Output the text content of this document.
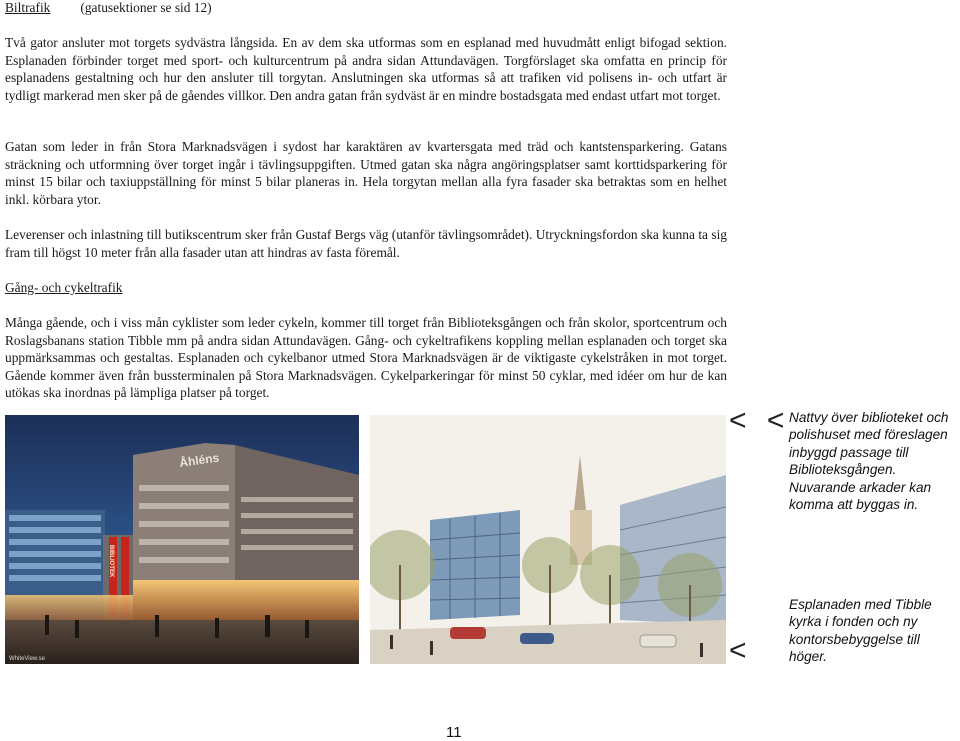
Biltrafik (gatusektioner se sid 12)
Två gator ansluter mot torgets sydvästra långsida. En av dem ska utformas som en esplanad med huvudmått enligt bifogad sektion. Esplanaden förbinder torget med sport- och kulturcentrum på andra sidan Attundavägen. Torgförslaget ska omfatta en princip för esplanadens gestaltning och hur den ansluter till torgytan. Anslutningen ska utformas så att trafiken vid polisens in- och utfart är tydligt markerad men sker på de gåendes villkor. Den andra gatan från sydväst är en mindre bostadsgata med endast utfart mot torget.
Gatan som leder in från Stora Marknadsvägen i sydost har karaktären av kvartersgata med träd och kantstensparkering. Gatans sträckning och utformning över torget ingår i tävlingsuppgiften. Utmed gatan ska några angöringsplatser samt korttidsparkering för minst 15 bilar och taxiuppställning för minst 5 bilar planeras in. Hela torgytan mellan alla fyra fasader ska betraktas som en helhet inkl. körbara ytor.
Leverenser och inlastning till butikscentrum sker från Gustaf Bergs väg (utanför tävlingsområdet). Utryckningsfordon ska kunna ta sig fram till högst 10 meter från alla fasader utan att hindras av fasta föremål.
Gång- och cykeltrafik
Många gående, och i viss mån cyklister som leder cykeln, kommer till torget från Biblioteksgången och från skolor, sportcentrum och Roslagsbanans station Tibble mm på andra sidan Attundavägen. Gång- och cykeltrafikens koppling mellan esplanaden och torget ska uppmärksammas och gestaltas. Esplanaden och cykelbanor utmed Stora Marknadsvägen är de viktigaste cykelstråken in mot torget. Gående kommer även från bussterminalen på Stora Marknadsvägen. Cykelparkeringar för minst 50 cyklar, med idéer om hur de kan utökas ska inordnas på lämpliga platser på torget.
Åhléns
BIBLIOTEK
WhiteView.se
< <
Nattvy över biblioteket och
polishuset med föreslagen
inbyggd passage till
Biblioteksgången.
Nuvarande arkader kan
komma att byggas in.
<
Esplanaden med Tibble
kyrka i fonden och ny
kontorsbebyggelse till
höger.
11
